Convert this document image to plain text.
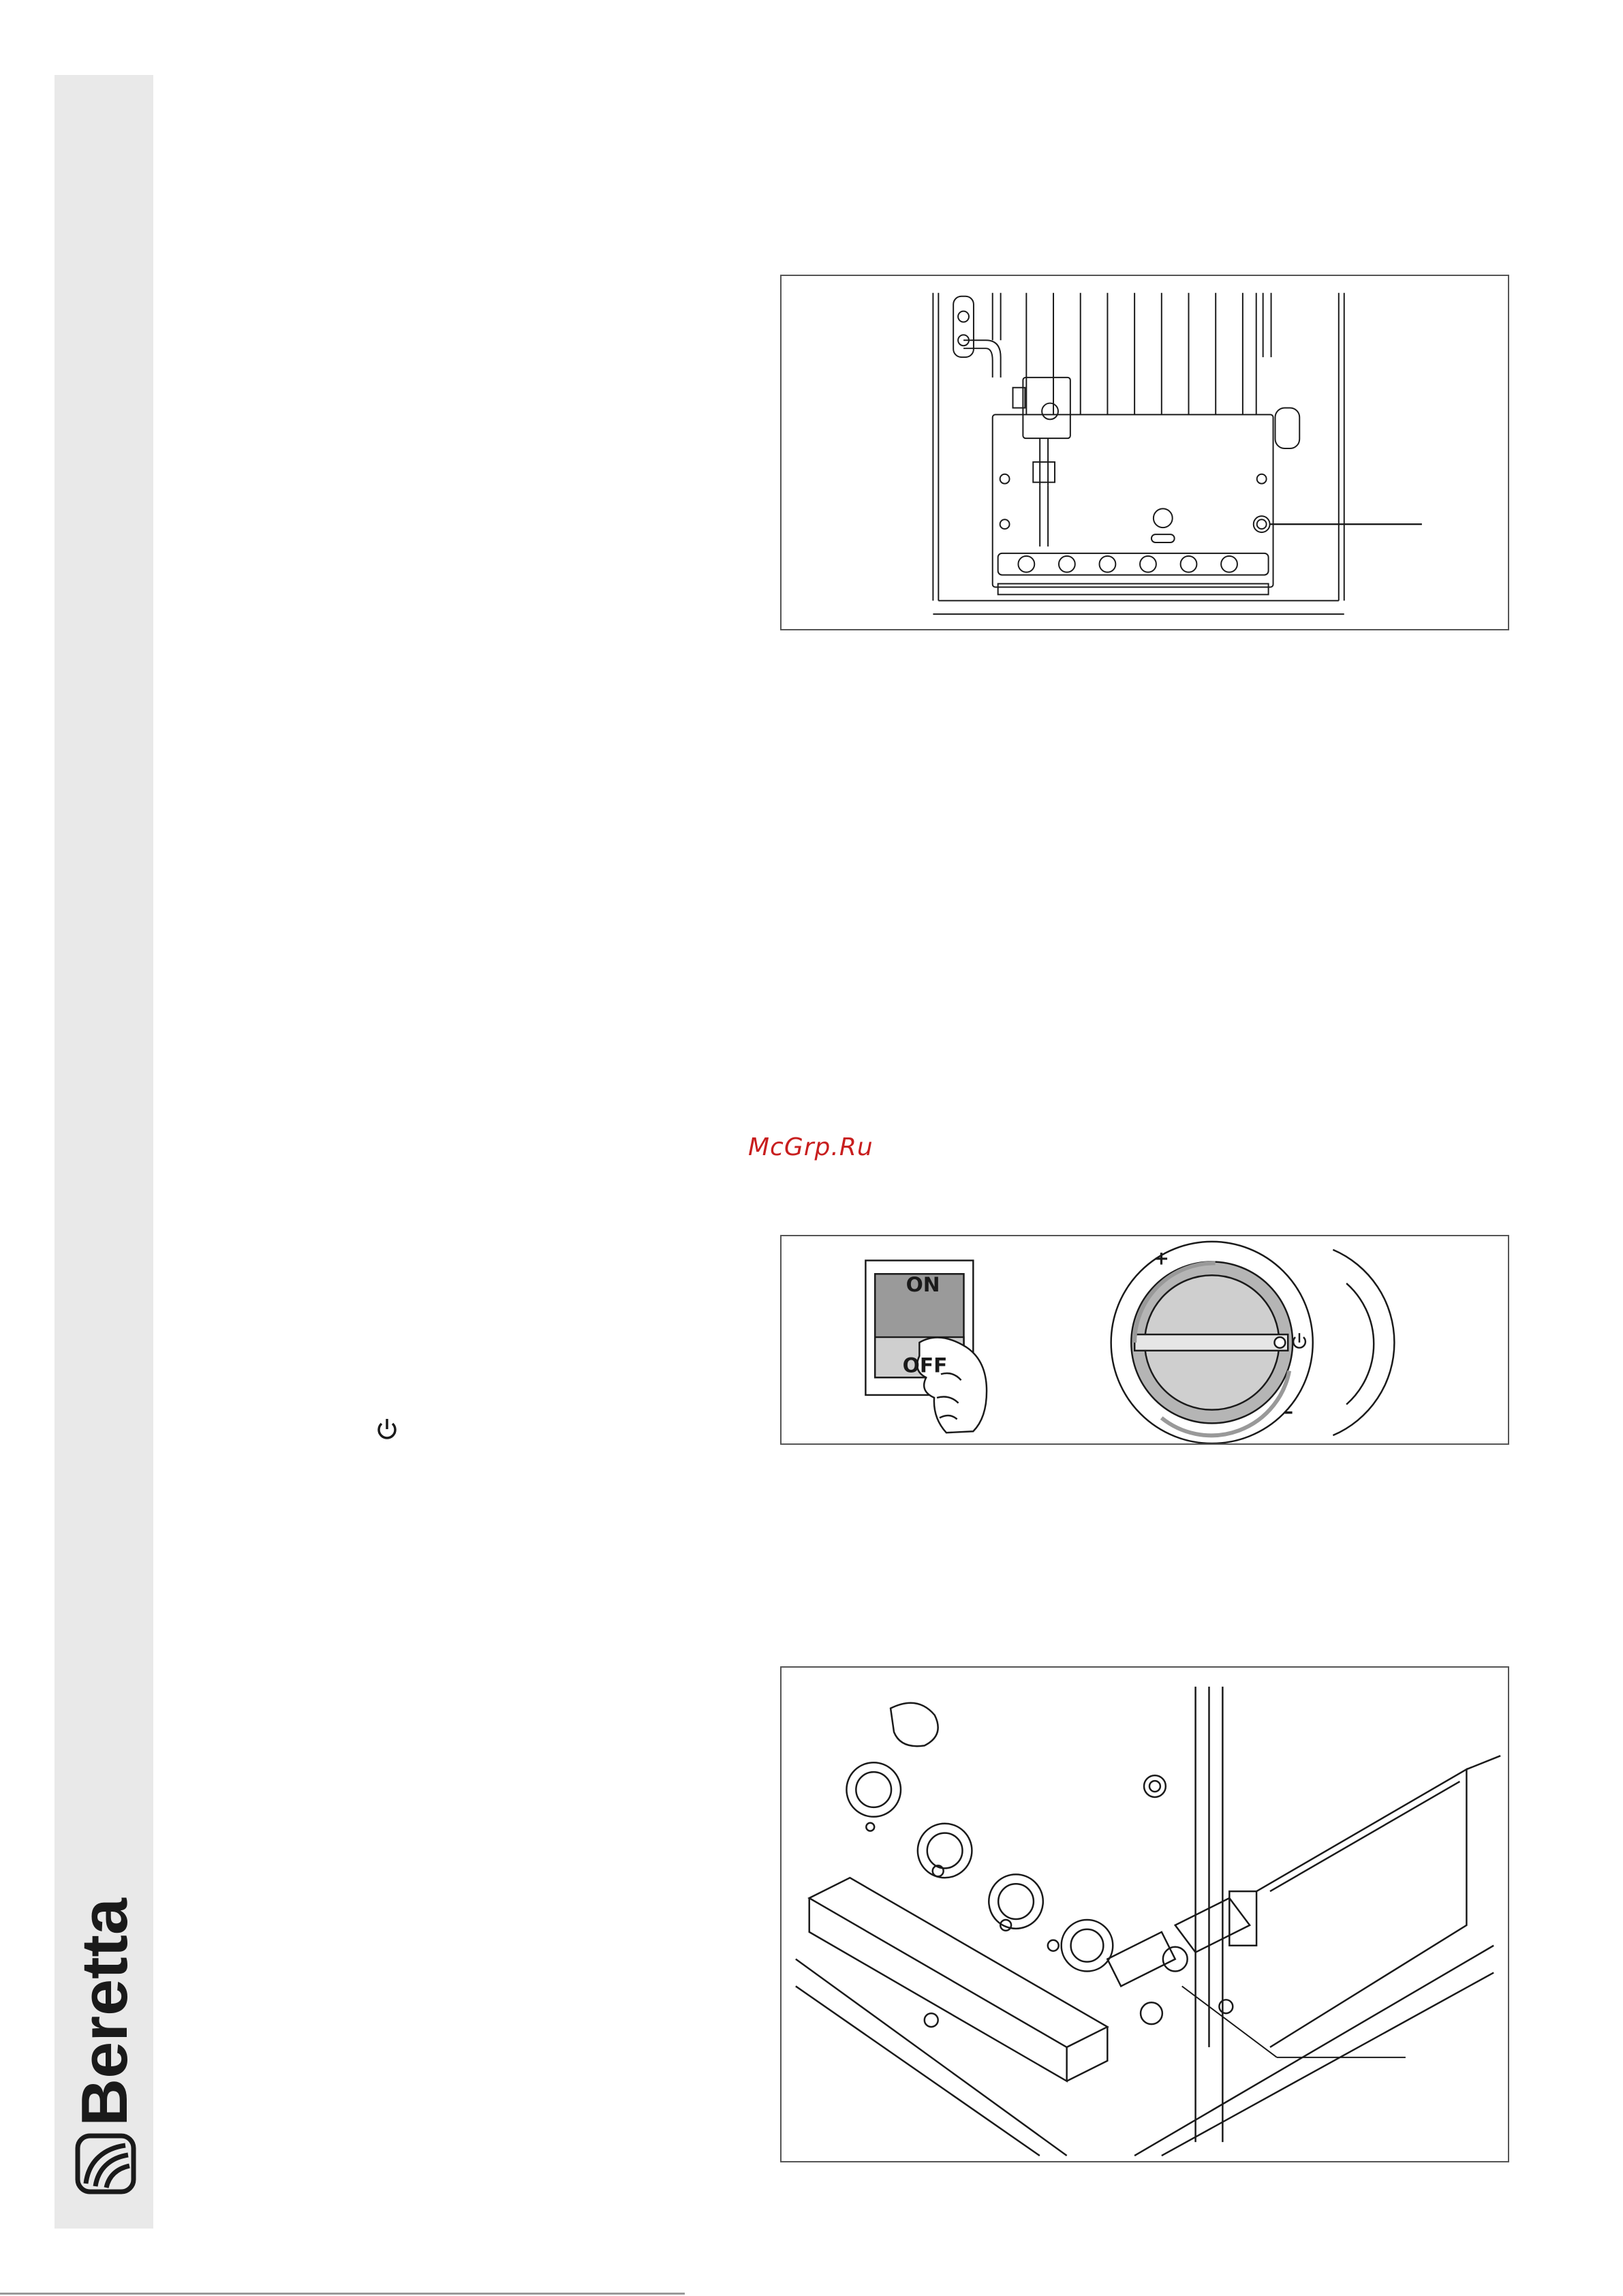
Beretta
McGrp.Ru
ON
OFF
+
–
